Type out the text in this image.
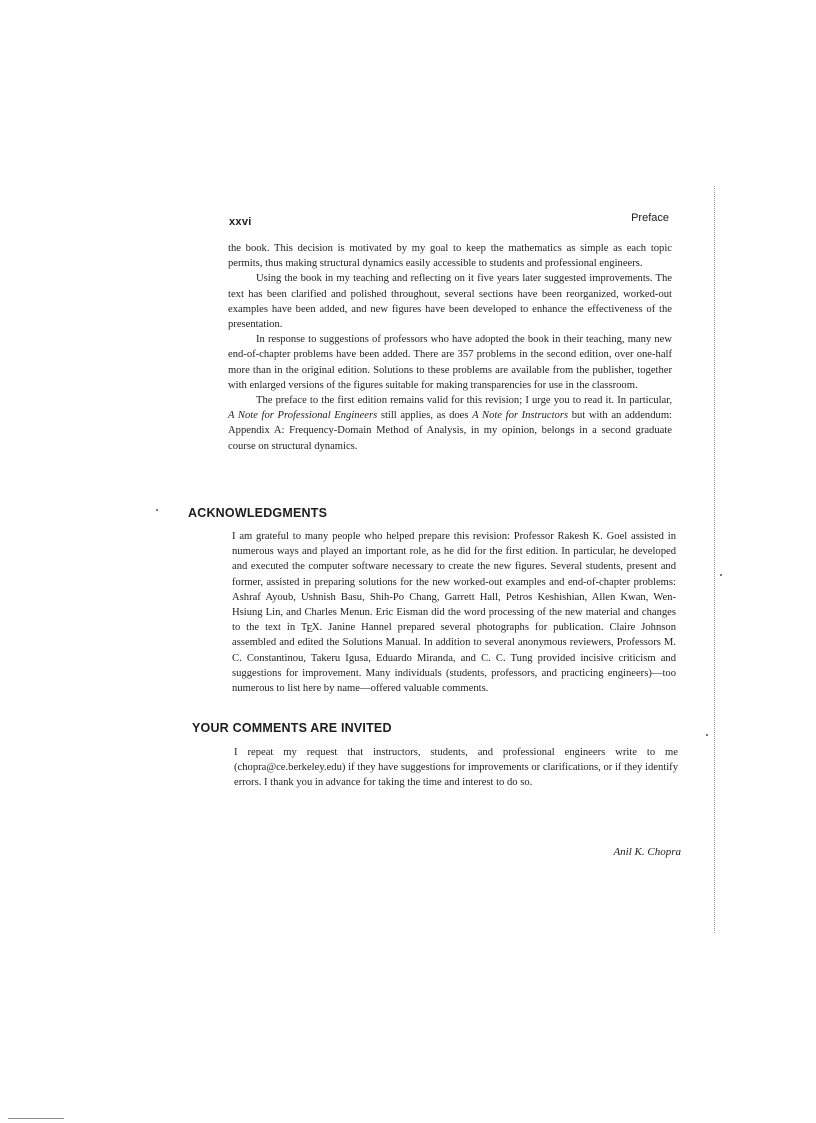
xxvi	Preface

the book. This decision is motivated by my goal to keep the mathematics as simple as each topic permits, thus making structural dynamics easily accessible to students and professional engineers.

Using the book in my teaching and reflecting on it five years later suggested improvements. The text has been clarified and polished throughout, several sections have been reorganized, worked-out examples have been added, and new figures have been developed to enhance the effectiveness of the presentation.

In response to suggestions of professors who have adopted the book in their teaching, many new end-of-chapter problems have been added. There are 357 problems in the second edition, over one-half more than in the original edition. Solutions to these problems are available from the publisher, together with enlarged versions of the figures suitable for making transparencies for use in the classroom.

The preface to the first edition remains valid for this revision; I urge you to read it. In particular, A Note for Professional Engineers still applies, as does A Note for Instructors but with an addendum: Appendix A: Frequency-Domain Method of Analysis, in my opinion, belongs in a second graduate course on structural dynamics.

ACKNOWLEDGMENTS

I am grateful to many people who helped prepare this revision: Professor Rakesh K. Goel assisted in numerous ways and played an important role, as he did for the first edition. In particular, he developed and executed the computer software necessary to create the new figures. Several students, present and former, assisted in preparing solutions for the new worked-out examples and end-of-chapter problems: Ashraf Ayoub, Ushnish Basu, Shih-Po Chang, Garrett Hall, Petros Keshishian, Allen Kwan, Wen-Hsiung Lin, and Charles Menun. Eric Eisman did the word processing of the new material and changes to the text in TEX. Janine Hannel prepared several photographs for publication. Claire Johnson assembled and edited the Solutions Manual. In addition to several anonymous reviewers, Professors M. C. Constantinou, Takeru Igusa, Eduardo Miranda, and C. C. Tung provided incisive criticism and suggestions for improvement. Many individuals (students, professors, and practicing engineers)—too numerous to list here by name—offered valuable comments.

YOUR COMMENTS ARE INVITED

I repeat my request that instructors, students, and professional engineers write to me (chopra@ce.berkeley.edu) if they have suggestions for improvements or clarifications, or if they identify errors. I thank you in advance for taking the time and interest to do so.

Anil K. Chopra
